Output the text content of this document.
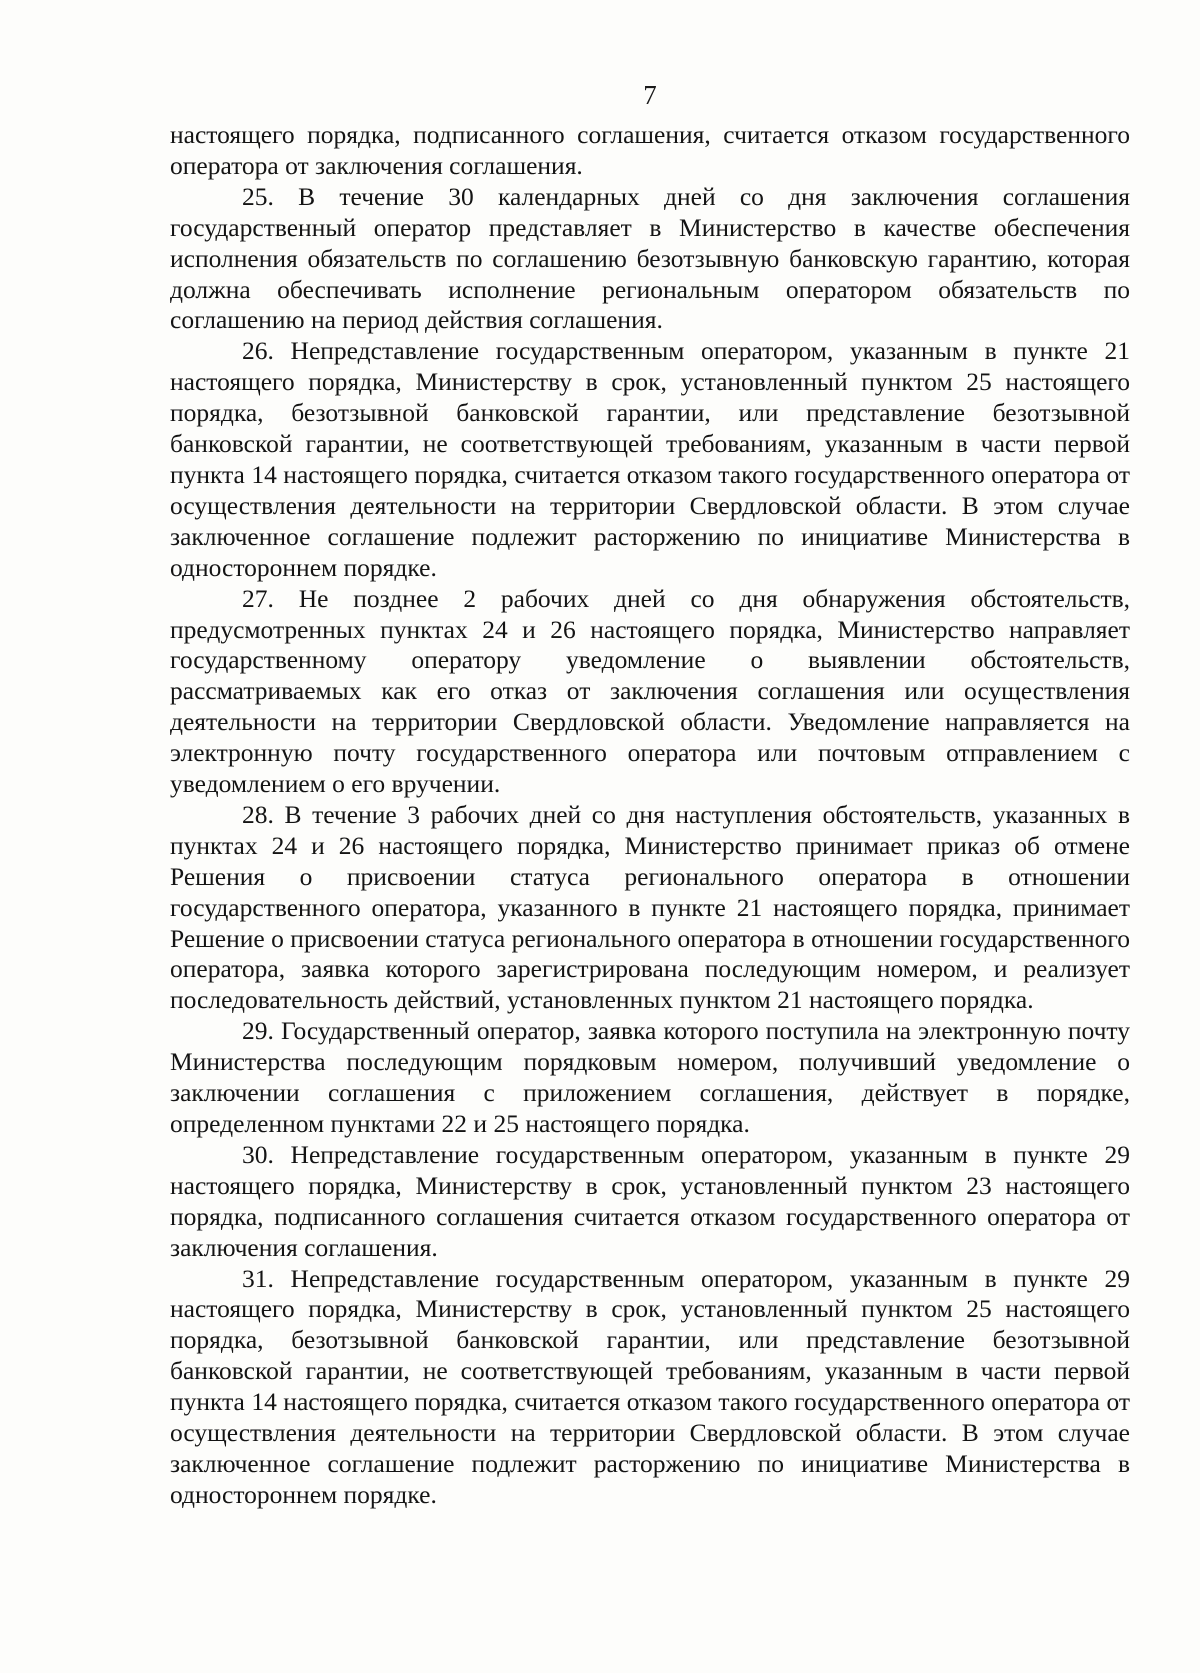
7

настоящего порядка, подписанного соглашения, считается отказом государственного оператора от заключения соглашения.

25. В течение 30 календарных дней со дня заключения соглашения государственный оператор представляет в Министерство в качестве обеспечения исполнения обязательств по соглашению безотзывную банковскую гарантию, которая должна обеспечивать исполнение региональным оператором обязательств по соглашению на период действия соглашения.

26. Непредставление государственным оператором, указанным в пункте 21 настоящего порядка, Министерству в срок, установленный пунктом 25 настоящего порядка, безотзывной банковской гарантии, или представление безотзывной банковской гарантии, не соответствующей требованиям, указанным в части первой пункта 14 настоящего порядка, считается отказом такого государственного оператора от осуществления деятельности на территории Свердловской области. В этом случае заключенное соглашение подлежит расторжению по инициативе Министерства в одностороннем порядке.

27. Не позднее 2 рабочих дней со дня обнаружения обстоятельств, предусмотренных пунктах 24 и 26 настоящего порядка, Министерство направляет государственному оператору уведомление о выявлении обстоятельств, рассматриваемых как его отказ от заключения соглашения или осуществления деятельности на территории Свердловской области. Уведомление направляется на электронную почту государственного оператора или почтовым отправлением с уведомлением о его вручении.

28. В течение 3 рабочих дней со дня наступления обстоятельств, указанных в пунктах 24 и 26 настоящего порядка, Министерство принимает приказ об отмене Решения о присвоении статуса регионального оператора в отношении государственного оператора, указанного в пункте 21 настоящего порядка, принимает Решение о присвоении статуса регионального оператора в отношении государственного оператора, заявка которого зарегистрирована последующим номером, и реализует последовательность действий, установленных пунктом 21 настоящего порядка.

29. Государственный оператор, заявка которого поступила на электронную почту Министерства последующим порядковым номером, получивший уведомление о заключении соглашения с приложением соглашения, действует в порядке, определенном пунктами 22 и 25 настоящего порядка.

30. Непредставление государственным оператором, указанным в пункте 29 настоящего порядка, Министерству в срок, установленный пунктом 23 настоящего порядка, подписанного соглашения считается отказом государственного оператора от заключения соглашения.

31. Непредставление государственным оператором, указанным в пункте 29 настоящего порядка, Министерству в срок, установленный пунктом 25 настоящего порядка, безотзывной банковской гарантии, или представление безотзывной банковской гарантии, не соответствующей требованиям, указанным в части первой пункта 14 настоящего порядка, считается отказом такого государственного оператора от осуществления деятельности на территории Свердловской области. В этом случае заключенное соглашение подлежит расторжению по инициативе Министерства в одностороннем порядке.
